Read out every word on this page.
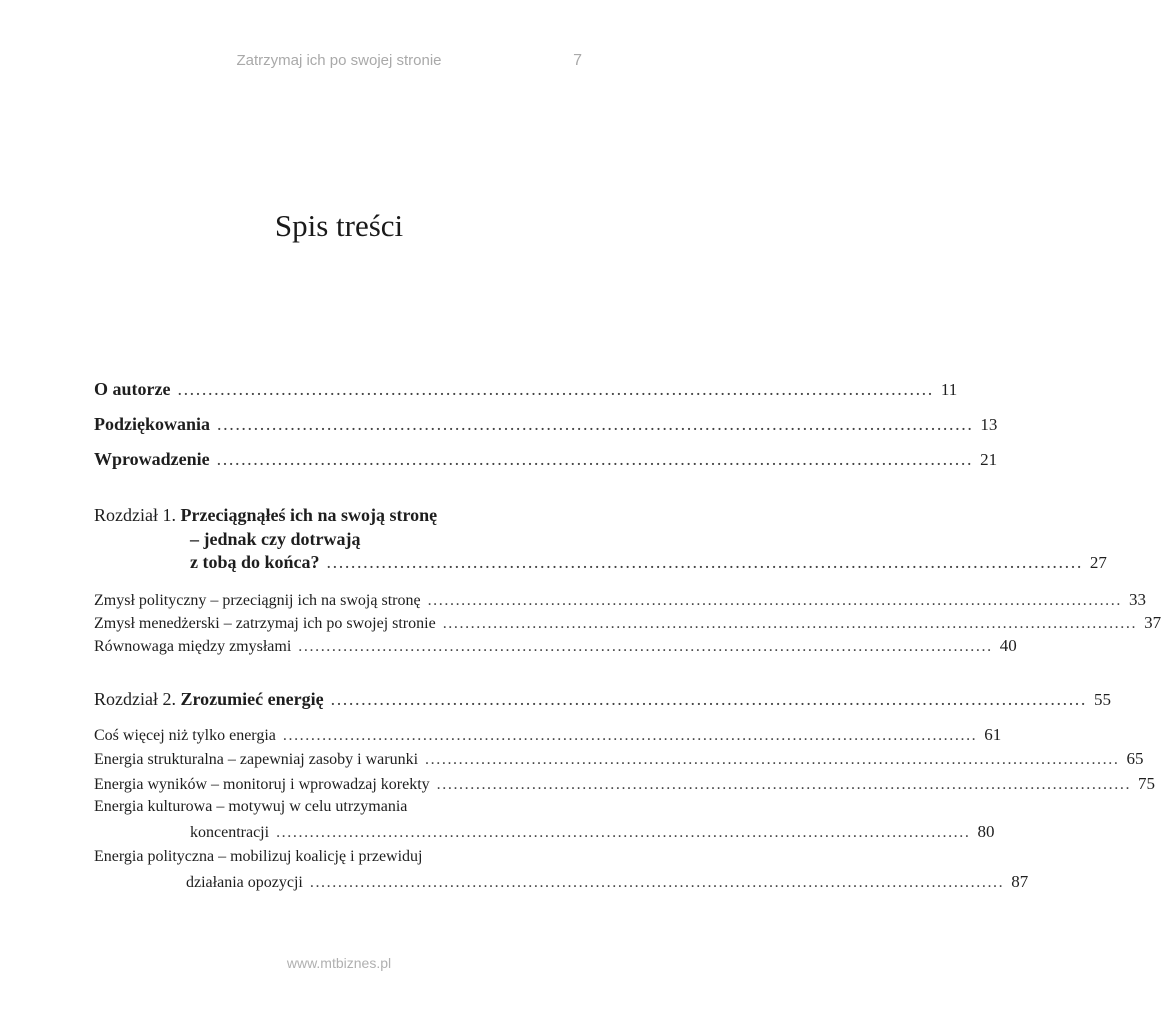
Zatrzymaj ich po swojej stronie	7
Spis treści
O autorze ............................................................................................................................ 11
Podziękowania ............................................................................................................................ 13
Wprowadzenie ............................................................................................................................ 21
Rozdział 1. Przeciągnąłeś ich na swoją stronę
– jednak czy dotrwają
z tobą do końca? ............................................................................................................................ 27
Zmysł polityczny – przeciągnij ich na swoją stronę ............................................................................................................................ 33
Zmysł menedżerski – zatrzymaj ich po swojej stronie ............................................................................................................................ 37
Równowaga między zmysłami ............................................................................................................................ 40
Rozdział 2. Zrozumieć energię ............................................................................................................................ 55
Coś więcej niż tylko energia ............................................................................................................................ 61
Energia strukturalna – zapewniaj zasoby i warunki ............................................................................................................................ 65
Energia wyników – monitoruj i wprowadzaj korekty ............................................................................................................................ 75
Energia kulturowa – motywuj w celu utrzymania
koncentracji ............................................................................................................................ 80
Energia polityczna – mobilizuj koalicję i przewiduj
działania opozycji ............................................................................................................................ 87
www.mtbiznes.pl
